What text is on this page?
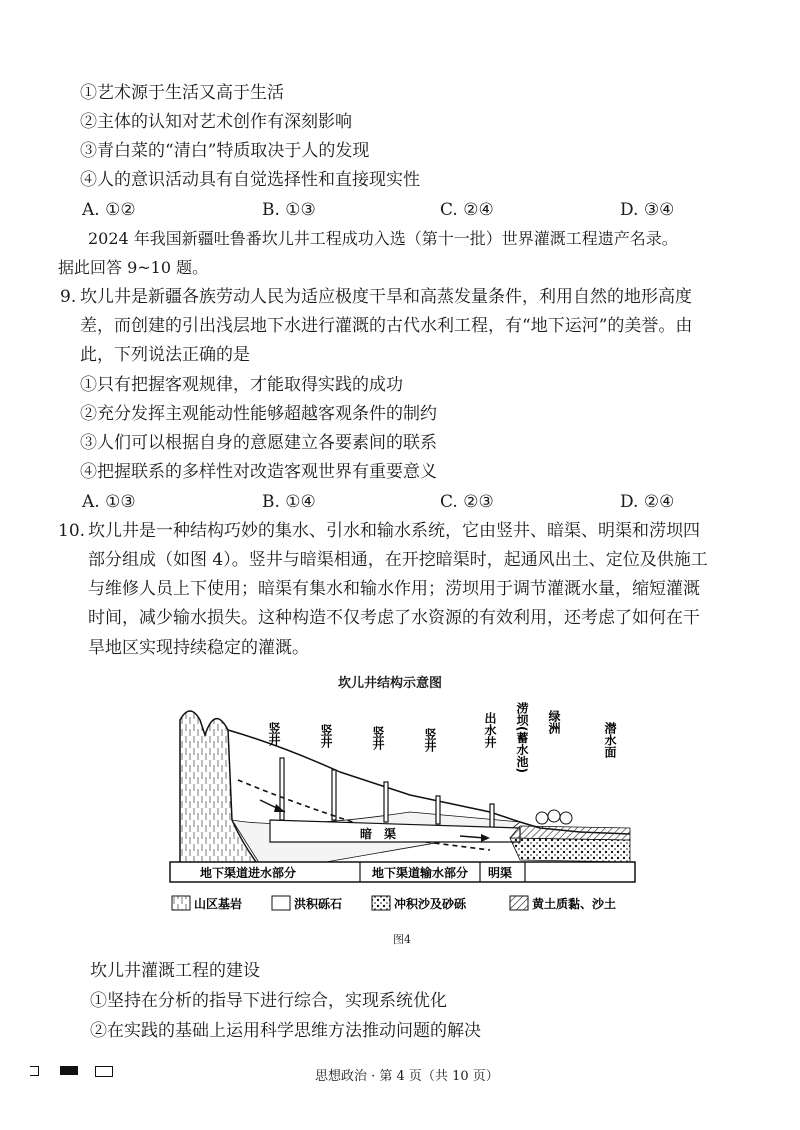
①艺术源于生活又高于生活
②主体的认知对艺术创作有深刻影响
③青白菜的“清白”特质取决于人的发现
④人的意识活动具有自觉选择性和直接现实性
A. ①②	B. ①③	C. ②④	D. ③④
2024 年我国新疆吐鲁番坎儿井工程成功入选（第十一批）世界灌溉工程遗产名录。
据此回答 9~10 题。
9. 坎儿井是新疆各族劳动人民为适应极度干旱和高蒸发量条件，利用自然的地形高度
差，而创建的引出浅层地下水进行灌溉的古代水利工程，有“地下运河”的美誉。由
此，下列说法正确的是
①只有把握客观规律，才能取得实践的成功
②充分发挥主观能动性能够超越客观条件的制约
③人们可以根据自身的意愿建立各要素间的联系
④把握联系的多样性对改造客观世界有重要意义
A. ①③	B. ①④	C. ②③	D. ②④
10. 坎儿井是一种结构巧妙的集水、引水和输水系统，它由竖井、暗渠、明渠和涝坝四
部分组成（如图 4）。竖井与暗渠相通，在开挖暗渠时，起通风出土、定位及供施工
与维修人员上下使用；暗渠有集水和输水作用；涝坝用于调节灌溉水量，缩短灌溉
时间，减少输水损失。这种构造不仅考虑了水资源的有效利用，还考虑了如何在干
旱地区实现持续稳定的灌溉。
坎儿井结构示意图
竖井	竖井	竖井	竖井	出水井 涝坝(蓄水池) 绿洲	潜水面
暗　渠
地下渠道进水部分	地下渠道输水部分 明渠
山区基岩	洪积砾石	冲积沙及砂砾	黄土质黏、沙土
图4
坎儿井灌溉工程的建设
①坚持在分析的指导下进行综合，实现系统优化
②在实践的基础上运用科学思维方法推动问题的解决
思想政治 · 第 4 页（共 10 页）
